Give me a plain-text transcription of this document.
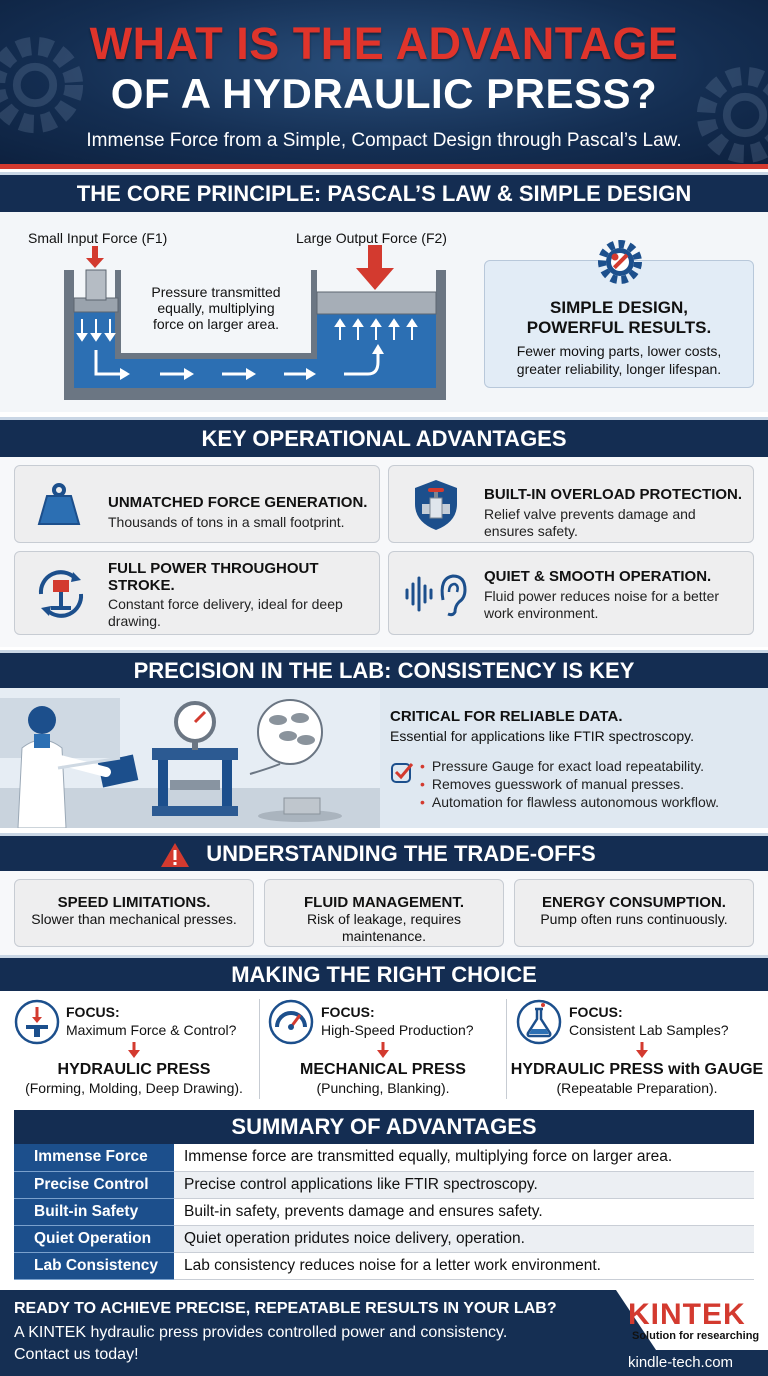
WHAT IS THE ADVANTAGE
OF A HYDRAULIC PRESS?
Immense Force from a Simple, Compact Design through Pascal’s Law.
THE CORE PRINCIPLE: PASCAL’S LAW & SIMPLE DESIGN
Small Input Force (F1)	Large Output Force (F2)
Pressure transmitted
equally, multiplying
force on larger area.
SIMPLE DESIGN,
POWERFUL RESULTS.
Fewer moving parts, lower costs,
greater reliability, longer lifespan.
KEY OPERATIONAL ADVANTAGES
UNMATCHED FORCE GENERATION.
Thousands of tons in a small footprint.
BUILT-IN OVERLOAD PROTECTION.
Relief valve prevents damage and
ensures safety.
FULL POWER THROUGHOUT
STROKE.
Constant force delivery, ideal for deep
drawing.
QUIET & SMOOTH OPERATION.
Fluid power reduces noise for a better
work environment.
PRECISION IN THE LAB: CONSISTENCY IS KEY
CRITICAL FOR RELIABLE DATA.
Essential for applications like FTIR spectroscopy.
• Pressure Gauge for exact load repeatability.
• Removes guesswork of manual presses.
• Automation for flawless autonomous workflow.
UNDERSTANDING THE TRADE-OFFS
SPEED LIMITATIONS.
Slower than mechanical presses.
FLUID MANAGEMENT.
Risk of leakage, requires
maintenance.
ENERGY CONSUMPTION.
Pump often runs continuously.
MAKING THE RIGHT CHOICE
FOCUS:
Maximum Force & Control?
HYDRAULIC PRESS
(Forming, Molding, Deep Drawing).
FOCUS:
High-Speed Production?
MECHANICAL PRESS
(Punching, Blanking).
FOCUS:
Consistent Lab Samples?
HYDRAULIC PRESS with GAUGE
(Repeatable Preparation).
SUMMARY OF ADVANTAGES
Immense Force	Immense force are transmitted equally, multiplying force on larger area.
Precise Control	Precise control applications like FTIR spectroscopy.
Built-in Safety	Built-in safety, prevents damage and ensures safety.
Quiet Operation	Quiet operation pridutes noice delivery, operation.
Lab Consistency	Lab consistency reduces noise for a letter work environment.
READY TO ACHIEVE PRECISE, REPEATABLE RESULTS IN YOUR LAB?
A KINTEK hydraulic press provides controlled power and consistency.
Contact us today!
KINTEK
Solution for researching
kindle-tech.com
